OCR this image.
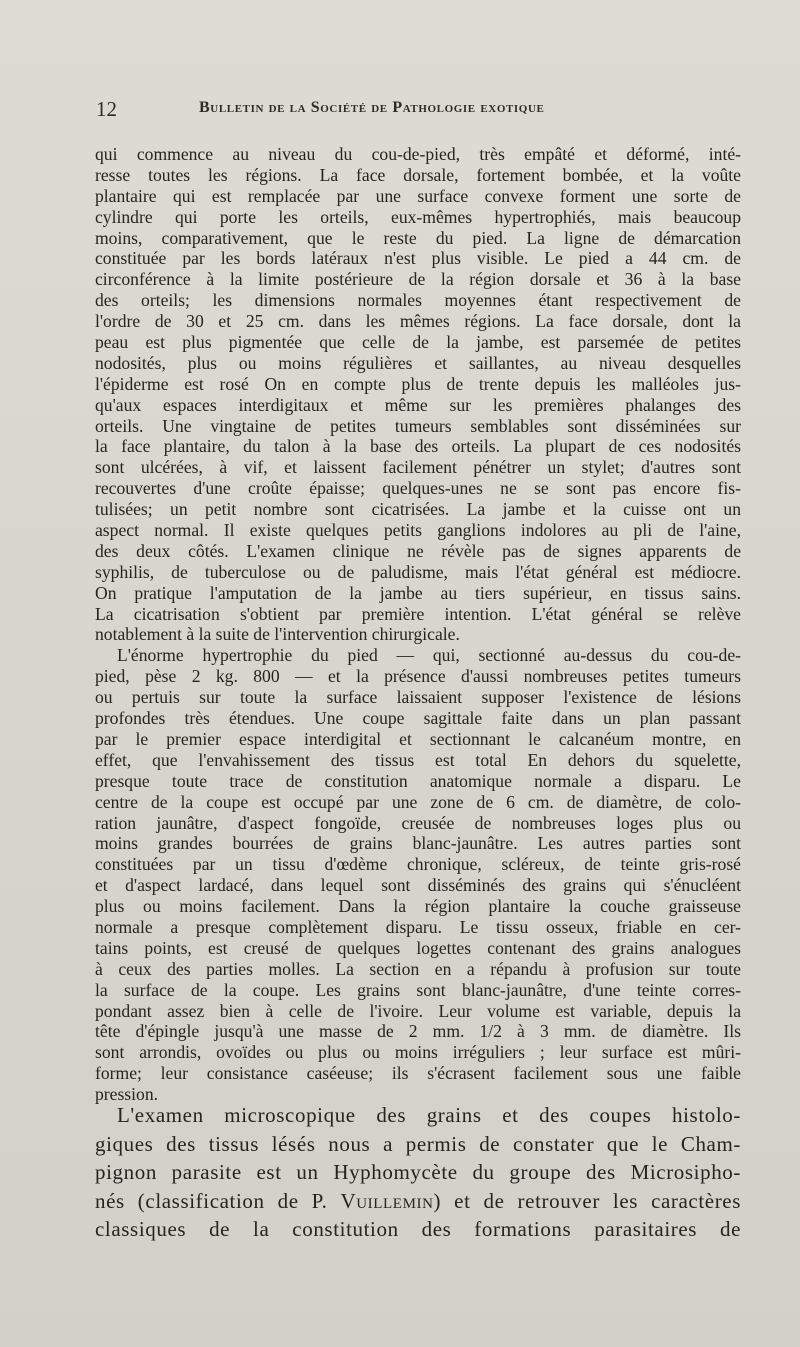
12	Bulletin de la Société de Pathologie exotique
qui commence au niveau du cou-de-pied, très empâté et déformé, inté-
resse toutes les régions. La face dorsale, fortement bombée, et la voûte
plantaire qui est remplacée par une surface convexe forment une sorte de
cylindre qui porte les orteils, eux-mêmes hypertrophiés, mais beaucoup
moins, comparativement, que le reste du pied. La ligne de démarcation
constituée par les bords latéraux n'est plus visible. Le pied a 44 cm. de
circonférence à la limite postérieure de la région dorsale et 36 à la base
des orteils; les dimensions normales moyennes étant respectivement de
l'ordre de 30 et 25 cm. dans les mêmes régions. La face dorsale, dont la
peau est plus pigmentée que celle de la jambe, est parsemée de petites
nodosités, plus ou moins régulières et saillantes, au niveau desquelles
l'épiderme est rosé On en compte plus de trente depuis les malléoles jus-
qu'aux espaces interdigitaux et même sur les premières phalanges des
orteils. Une vingtaine de petites tumeurs semblables sont disséminées sur
la face plantaire, du talon à la base des orteils. La plupart de ces nodosités
sont ulcérées, à vif, et laissent facilement pénétrer un stylet; d'autres sont
recouvertes d'une croûte épaisse; quelques-unes ne se sont pas encore fis-
tulisées; un petit nombre sont cicatrisées. La jambe et la cuisse ont un
aspect normal. Il existe quelques petits ganglions indolores au pli de l'aine,
des deux côtés. L'examen clinique ne révèle pas de signes apparents de
syphilis, de tuberculose ou de paludisme, mais l'état général est médiocre.
On pratique l'amputation de la jambe au tiers supérieur, en tissus sains.
La cicatrisation s'obtient par première intention. L'état général se relève
notablement à la suite de l'intervention chirurgicale.
L'énorme hypertrophie du pied — qui, sectionné au-dessus du cou-de-
pied, pèse 2 kg. 800 — et la présence d'aussi nombreuses petites tumeurs
ou pertuis sur toute la surface laissaient supposer l'existence de lésions
profondes très étendues. Une coupe sagittale faite dans un plan passant
par le premier espace interdigital et sectionnant le calcanéum montre, en
effet, que l'envahissement des tissus est total En dehors du squelette,
presque toute trace de constitution anatomique normale a disparu. Le
centre de la coupe est occupé par une zone de 6 cm. de diamètre, de colo-
ration jaunâtre, d'aspect fongoïde, creusée de nombreuses loges plus ou
moins grandes bourrées de grains blanc-jaunâtre. Les autres parties sont
constituées par un tissu d'œdème chronique, scléreux, de teinte gris-rosé
et d'aspect lardacé, dans lequel sont disséminés des grains qui s'énucléent
plus ou moins facilement. Dans la région plantaire la couche graisseuse
normale a presque complètement disparu. Le tissu osseux, friable en cer-
tains points, est creusé de quelques logettes contenant des grains analogues
à ceux des parties molles. La section en a répandu à profusion sur toute
la surface de la coupe. Les grains sont blanc-jaunâtre, d'une teinte corres-
pondant assez bien à celle de l'ivoire. Leur volume est variable, depuis la
tête d'épingle jusqu'à une masse de 2 mm. 1/2 à 3 mm. de diamètre. Ils
sont arrondis, ovoïdes ou plus ou moins irréguliers ; leur surface est mûri-
forme; leur consistance caséeuse; ils s'écrasent facilement sous une faible
pression.
L'examen microscopique des grains et des coupes histolo-
giques des tissus lésés nous a permis de constater que le Cham-
pignon parasite est un Hyphomycète du groupe des Microsipho-
nés (classification de P. Vuillemin) et de retrouver les caractères
classiques de la constitution des formations parasitaires de
